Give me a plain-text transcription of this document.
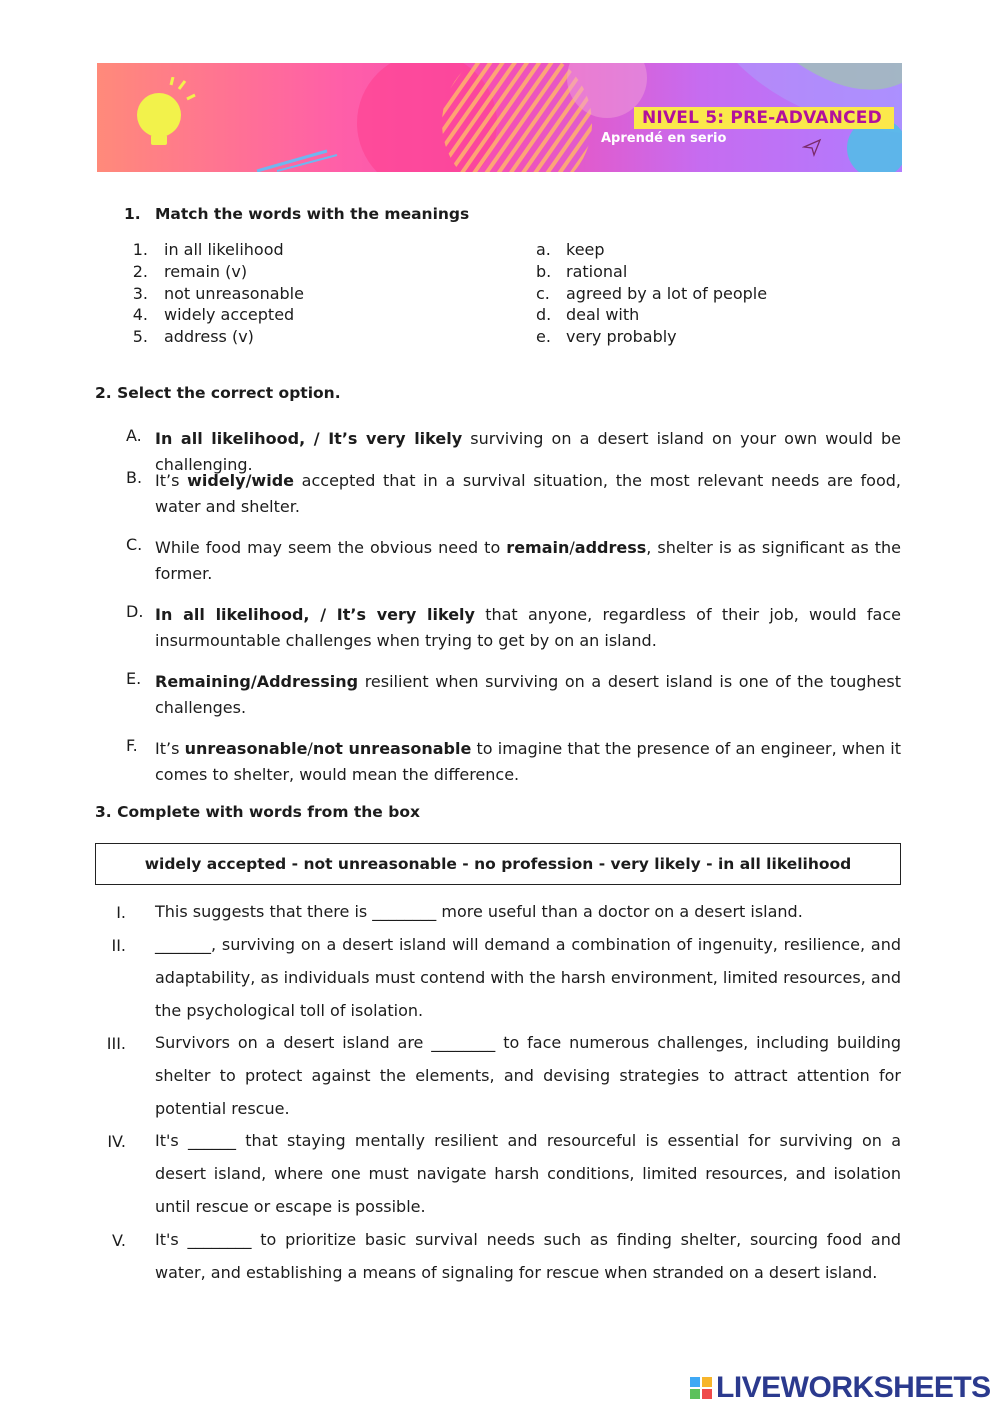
NIVEL 5: PRE-ADVANCED
Aprendé en serio
1. Match the words with the meanings
1. in all likelihood
2. remain (v)
3. not unreasonable
4. widely accepted
5. address (v)
a. keep
b. rational
c. agreed by a lot of people
d. deal with
e. very probably
2. Select the correct option.
A. In all likelihood, / It’s very likely surviving on a desert island on your own would be challenging.
B. It’s widely/wide accepted that in a survival situation, the most relevant needs are food, water and shelter.
C. While food may seem the obvious need to remain/address, shelter is as significant as the former.
D. In all likelihood, / It’s very likely that anyone, regardless of their job, would face insurmountable challenges when trying to get by on an island.
E. Remaining/Addressing resilient when surviving on a desert island is one of the toughest challenges.
F. It’s unreasonable/not unreasonable to imagine that the presence of an engineer, when it comes to shelter, would mean the difference.
3. Complete with words from the box
widely accepted - not unreasonable - no profession - very likely - in all likelihood
I. This suggests that there is ________ more useful than a doctor on a desert island.
II. _______, surviving on a desert island will demand a combination of ingenuity, resilience, and adaptability, as individuals must contend with the harsh environment, limited resources, and the psychological toll of isolation.
III. Survivors on a desert island are ________ to face numerous challenges, including building shelter to protect against the elements, and devising strategies to attract attention for potential rescue.
IV. It's ______ that staying mentally resilient and resourceful is essential for surviving on a desert island, where one must navigate harsh conditions, limited resources, and isolation until rescue or escape is possible.
V. It's ________ to prioritize basic survival needs such as finding shelter, sourcing food and water, and establishing a means of signaling for rescue when stranded on a desert island.
LIVEWORKSHEETS
